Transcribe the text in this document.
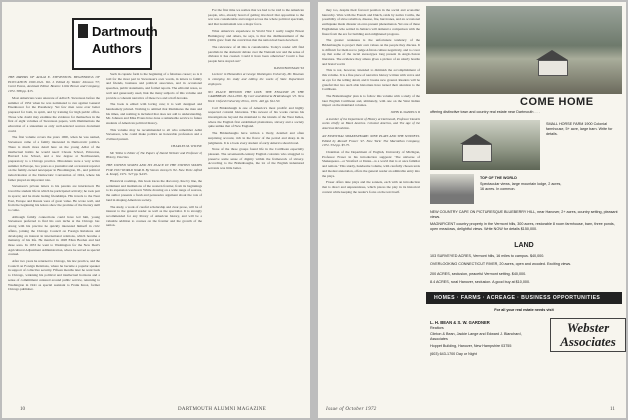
Dartmouth
Authors

THE PAPERS OF ADLAI E. STEVENSON. BEGINNINGS OF EDUCATION 1900-1941. Vol. I. Edited by Walter Johnson '37, Carol Evans, Assistant Editor. Boston: Little Brown and Company, 1972. 588 pp. $15.

Most Americans were unaware of Adlai E. Stevenson before the summer of 1952 when he was nominated to run against General Eisenhower for the Presidency. Yet few men were ever better prepared for both, in spirit, and by training for high public office. Those who doubt may examine the evidence for themselves in the first of eight volumes of Stevenson papers, with illuminations the education of a statesman as only well-selected sources document could.

The first volume covers the years 1900, when he was named, Stevenson came of a family interested in Democratic politics. There is much more detail here on the young Adlai of the intellectual habits he would need: Choate School, Princeton, Harvard Law School, and a law degree at Northwestern, preparatory to a Chicago practice. Illinoisians were a very active summer in Europe, two years as a journalist and occasional reporter on the family-owned newspaper in Bloomington, Ill., and political indoctrination at the Democratic Convention of 1924, where his father played an important role.

Stevenson's private letters to his parents are interleaved. He loved the student life in which he participated actively; he took part in sports; and he made lasting friendships. His travels to the Near East, Europe and Russia were of great value. He wrote well, and from the beginning his letters show the promise of the literary skill to come.

Although family connections could have led him, young Stevenson preferred to find his own niche at the Chicago bar. Along with his practice he quickly interested himself in civic affairs, joining the Chicago Council on Foreign Relations and developing an interest in international relations, which became a mainstay of his life. He married in 1928 Ellen Borden and had three sons. In 1933 he went to Washington for the New Deal's Agricultural Adjustment Administration, where he served as special counsel.

After two years he returned to Chicago, his law practice, and the Council on Foreign Relations, where he became a popular speaker in support of collective security. Fifteen months later he went back to Chicago, widening his political and intellectual horizons and a sense of commitment centered around public service, returning to Washington in 1941 as special assistant to Frank Knox, former Chicago publisher.

Such in capsule form is the beginning of a fabulous career; so is it told for the most part in Stevenson's own words, in letters to family and friends, business and political associates, and in occasional speeches, public statements, and formal reports. The editorial notes, so well and generously used, link the many subjects of this volume and provide a coherent narrative of these two and a half decades.

The book is edited with loving care; it is well designed and handsomely printed. Nothing is omitted that illuminates the man and his times, and nothing is included that does not add to understanding. Mr. Johnson and Miss Evans have done a remarkable service to future students of American political history.

This volume may be recommended to all who remember Adlai Stevenson, who could make politics an honorable profession and a civilized pursuit.

CHARLES M. WILTSE

Mr. Wiltse is Editor of The Papers of Daniel Webster and Professor of History, Emeritus.

THE UNITED STATES AND ITS PLACE IN THE UNITED STATES FOR 1WO WORLD WAR II. By Steven Jaresych '62. New York: Alfred A. Knopf, 1971. 527 pp. $4.95.

Historical roadmap, this book traces the discovery, line by line, the settlement and institutions of the western frontier, from its beginnings to its expansion westward. While drawing on a wide range of sources, the author presents a fresh and persuasive argument about the role of land in shaping American society.

The study, a work of careful scholarship and clear prose, will be of interest to the general reader as well as the specialist. It is strongly recommended for any library of American history, and will be a valuable addition to courses on the frontier and the growth of the nation.

For the first time we realize that we had to be told to the American people, who, already bored of getting involved: that opposition to the war was considerable and ranged across the whole political spectrum, and that isolationism was a major force.

What America's experience in World War I really taught Ernest Hemingway and others, he says, is that the disillusionment of the 1920s grew from the conviction that the nation had been deceived.

The relevance of all this is considerable. Today's reader will find parallels in the domestic debate over the Vietnam war and the sense of division it has created. Could it have been otherwise? Could a free people have stayed out?

DAVID BOWMAN '63

Lecturer in Humanities at George Washington University, Mr. Bowman is enlarging his study and editing the works of State Department employees.

NO PLACE BEYOND THE LINE. THE ENGLISH IN THE CARIBBEAN 1624-1690. By Carl and Roberta Bridenbaugh '25. New York: Oxford University Press, 1972. 440 pp. $12.50.

Carl Bridenbaugh is one of America's most prolific and highly respected colonial historians. This newest of his works carries his investigations beyond the mainland to the islands of the West Indies, where the English first established plantations, slavery and a society quite unlike that of New England.

The Bridenbaughs have written a lively, detailed and often surprising account, rich in the flavor of the period and sharp in its judgments. It is a book every student of early America should read.

None of the three groups found life in the Caribbean especially pleasant. The seventeenth-century English colonists who struggled to preserve some sense of dignity within the framework of slavery. According to the Bridenbaughs, the lot of the English indentured servants was little better.

10	DARTMOUTH ALUMNI MAGAZINE

they too, despite their favored position in the social and economic hierarchy. Wars with the French and Dutch, raids by native Caribs, the possibility of slave rebellion, disease, fire, hurricanes, and an occasional earthquake made disaster an ever-present phenomenon. Yet one of these Englishmen who settled in Jamaica will demand a comparison with the finest from the era for building and enlightened progress.

The greater weakness is the unfortunate tendency of the Bridenbaughs to project their own values on the people they discuss. It is difficult for them not to judge African culture negatively, and to cover up that some of the racial stereotypes long present in Anglo-Saxon literature. The evidence they amass gives a picture of an utterly hostile and brutal world.

This is not, however, intended to diminish the accomplishment of this volume. It is a fine piece of narrative history written with verve and an eye for the telling detail, and it breaks new ground. Readers will be grateful that two such able historians have turned their attention to the Caribbean.

The Bridenbaughs' plan is to follow this volume with a study of the later English Caribbean and, ultimately, with one on the West Indian impact on the mainland colonies.

JOHN R. DANIELS II

A member of the Department of History at Dartmouth, Professor Daniels works chiefly on Black America. Colonial America, and The Age of the American Revolution.

AN ESSENTIAL SHAKESPEARE: NINE PLAYS AND THE SONNETS. Edited by Russell Fraser '47. New York: The Macmillan Company, 1972. 534 pp. $5.75.

Chairman of the Department of English, University of Michigan, Professor Fraser in his introduction suggests: 'The universe of Shakespeare—or Stratford or Dante—is a world that is at once familiar and remote.' This sturdy, handsome volume, with carefully chosen texts and modest annotation, offers the general reader an admirable entry into the plays.

Fraser offers nine plays and the sonnets, each with an introduction that is direct and unpretentious, which places the play in its historical context while keeping the reader's focus on the text itself.

COME HOME
offering distinctive town and country real estate near Dartmouth . . .
SMALL HORSE FARM 1900 Colonial farmhouse, 5+ acre, large barn. Write for details.
TOP OF THE WORLD
Spectacular views, large mountain lodge, 2 acres, 16 acres. In common.
NEW COUNTRY CAPE ON PICTURESQUE BLUEBERRY HILL, near Hanover, 2+ acres, country setting, pleasant views.
MAGNIFICENT country property in the Vermont hills, 300 acres, restorable 8 room farmhouse, barn, three ponds, open meadows, delightful views. Write NOW for details $150,000.
LAND
103 SURVEYED ACRES, Vermont hills, 16 miles to campus. $40,000.
OVERLOOKING CONNECTICUT RIVER, 20 acres, open and wooded. Exciting views.
200 ACRES, seclusion, peaceful Vermont setting. $40,000.
8.4 ACRES, rural Hanover, seclusion. A good buy at $10,000.
HOMES · FARMS · ACREAGE · BUSINESS OPPORTUNITIES
For all your real estate needs visit
L. H. BEAN & S. W. GARDNER
Realtors
Clinton & Bean, Jackie Lange and Edward J. Blanchard, Associates
Hoppet Building, Hanover, New Hampshire 03755
(603) 643-1700 Day or Night
Webster Associates
Issue of October 1972	11
